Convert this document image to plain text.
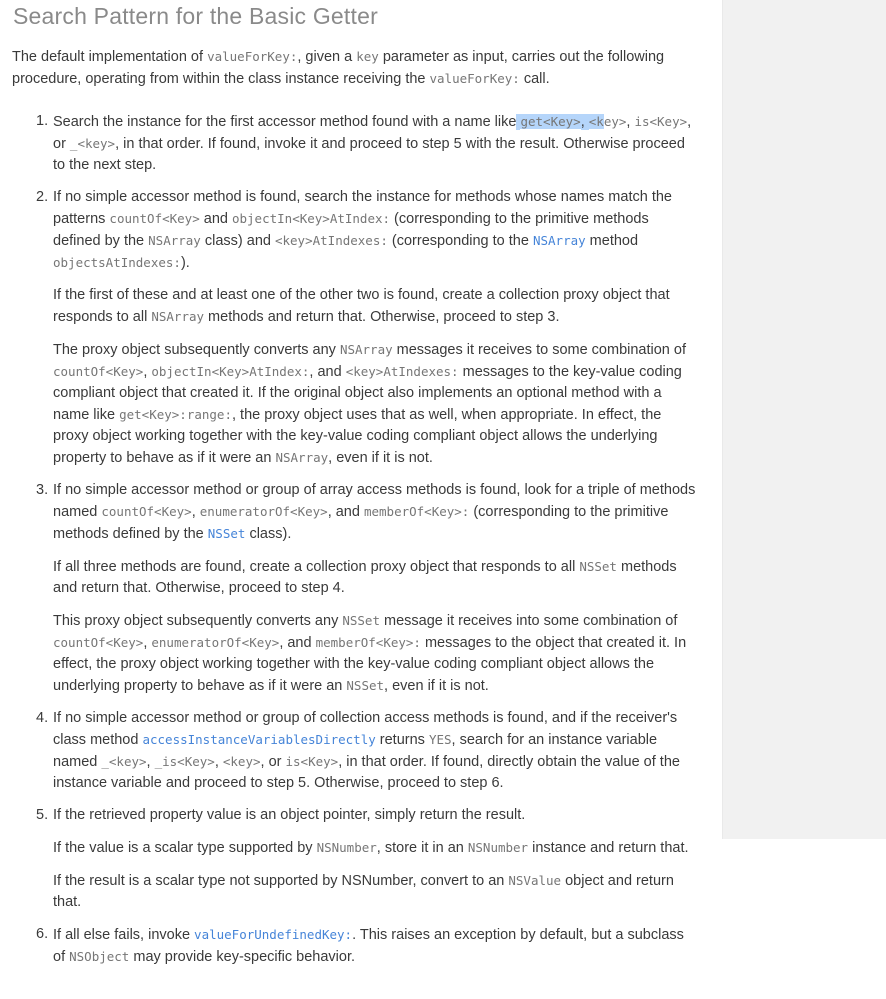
Search Pattern for the Basic Getter

The default implementation of valueForKey:, given a key parameter as input, carries out the following procedure, operating from within the class instance receiving the valueForKey: call.

1. Search the instance for the first accessor method found with a name like get<Key>, <key>, is<Key>, or _<key>, in that order. If found, invoke it and proceed to step 5 with the result. Otherwise proceed to the next step.

2. If no simple accessor method is found, search the instance for methods whose names match the patterns countOf<Key> and objectIn<Key>AtIndex: (corresponding to the primitive methods defined by the NSArray class) and <key>AtIndexes: (corresponding to the NSArray method objectsAtIndexes:).

If the first of these and at least one of the other two is found, create a collection proxy object that responds to all NSArray methods and return that. Otherwise, proceed to step 3.

The proxy object subsequently converts any NSArray messages it receives to some combination of countOf<Key>, objectIn<Key>AtIndex:, and <key>AtIndexes: messages to the key-value coding compliant object that created it. If the original object also implements an optional method with a name like get<Key>:range:, the proxy object uses that as well, when appropriate. In effect, the proxy object working together with the key-value coding compliant object allows the underlying property to behave as if it were an NSArray, even if it is not.

3. If no simple accessor method or group of array access methods is found, look for a triple of methods named countOf<Key>, enumeratorOf<Key>, and memberOf<Key>: (corresponding to the primitive methods defined by the NSSet class).

If all three methods are found, create a collection proxy object that responds to all NSSet methods and return that. Otherwise, proceed to step 4.

This proxy object subsequently converts any NSSet message it receives into some combination of countOf<Key>, enumeratorOf<Key>, and memberOf<Key>: messages to the object that created it. In effect, the proxy object working together with the key-value coding compliant object allows the underlying property to behave as if it were an NSSet, even if it is not.

4. If no simple accessor method or group of collection access methods is found, and if the receiver's class method accessInstanceVariablesDirectly returns YES, search for an instance variable named _<key>, _is<Key>, <key>, or is<Key>, in that order. If found, directly obtain the value of the instance variable and proceed to step 5. Otherwise, proceed to step 6.

5. If the retrieved property value is an object pointer, simply return the result.

If the value is a scalar type supported by NSNumber, store it in an NSNumber instance and return that.

If the result is a scalar type not supported by NSNumber, convert to an NSValue object and return that.

6. If all else fails, invoke valueForUndefinedKey:. This raises an exception by default, but a subclass of NSObject may provide key-specific behavior.
